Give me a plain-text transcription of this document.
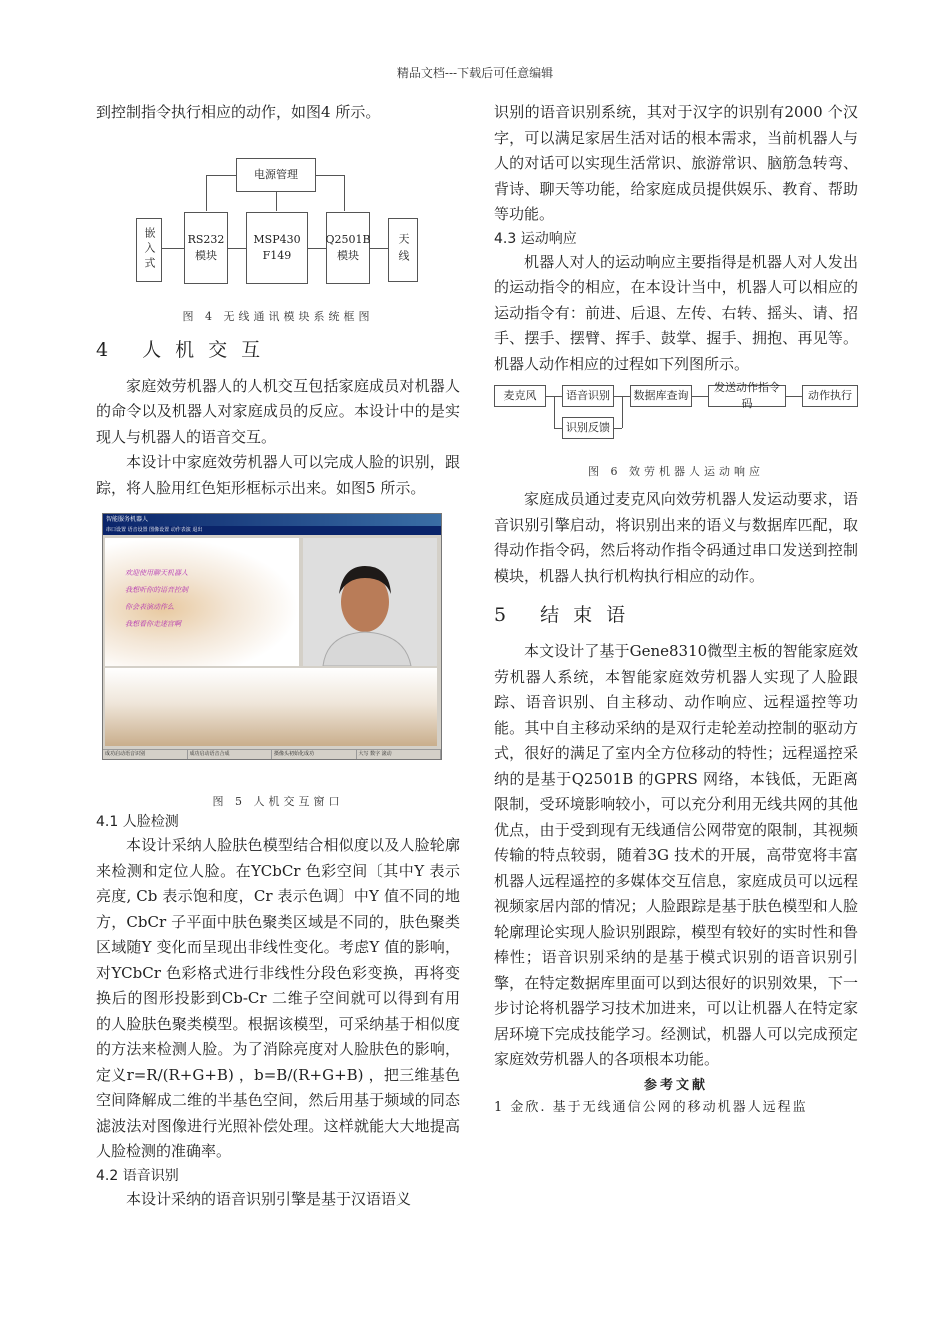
精品文档---下载后可任意编辑

到控制指令执行相应的动作，如图4 所示。

电源管理
嵌入式	RS232
模块
MSP430
F149
Q2501B
模块	天线
图 4 无线通讯模块系统框图
4 人机交互

家庭效劳机器人的人机交互包括家庭成员对机器人的命令以及机器人对家庭成员的反应。本设计中的是实现人与机器人的语音交互。

本设计中家庭效劳机器人可以完成人脸的识别，跟踪，将人脸用红色矩形框标示出来。如图5 所示。

智能服务机器人
串口设置 语音设置 图像设置 动作表演 退出
欢迎使用聊天机器人
我想听你的语音控制
你会表演动作么
我想看你走迷宫啊
成功启动语音识别	成功启动语音合成	摄像头初始化成功	大写 数字 滚动
图 5 人机交互窗口
4.1 人脸检测

本设计采纳人脸肤色模型结合相似度以及人脸轮廓来检测和定位人脸。在YCbCr 色彩空间〔其中Y 表示亮度, Cb 表示饱和度，Cr 表示色调〕中Y 值不同的地方，CbCr 子平面中肤色聚类区域是不同的，肤色聚类区域随Y 变化而呈现出非线性变化。考虑Y 值的影响，对YCbCr 色彩格式进行非线性分段色彩变换，再将变换后的图形投影到Cb-Cr 二维子空间就可以得到有用的人脸肤色聚类模型。根据该模型，可采纳基于相似度的方法来检测人脸。为了消除亮度对人脸肤色的影响，定义r=R/(R+G+B) ，b=B/(R+G+B) ，把三维基色空间降解成二维的半基色空间，然后用基于频域的同态滤波法对图像进行光照补偿处理。这样就能大大地提高人脸检测的准确率。

4.2 语音识别

本设计采纳的语音识别引擎是基于汉语语义

识别的语音识别系统，其对于汉字的识别有2000 个汉字，可以满足家居生活对话的根本需求，当前机器人与人的对话可以实现生活常识、旅游常识、脑筋急转弯、背诗、聊天等功能，给家庭成员提供娱乐、教育、帮助等功能。

4.3 运动响应

机器人对人的运动响应主要指得是机器人对人发出的运动指令的相应，在本设计当中，机器人可以相应的运动指令有：前进、后退、左传、右转、摇头、请、招手、摆手、摆臂、挥手、鼓掌、握手、拥抱、再见等。机器人动作相应的过程如下列图所示。

麦克风	语音识别	数据库查询
发送动作指令码
动作执行
识别反馈
图 6 效劳机器人运动响应

家庭成员通过麦克风向效劳机器人发运动要求，语音识别引擎启动，将识别出来的语义与数据库匹配，取得动作指令码，然后将动作指令码通过串口发送到控制模块，机器人执行机构执行相应的动作。

5 结束语

本文设计了基于Gene8310微型主板的智能家庭效劳机器人系统，本智能家庭效劳机器人实现了人脸跟踪、语音识别、自主移动、动作响应、远程遥控等功能。其中自主移动采纳的是双行走轮差动控制的驱动方式，很好的满足了室内全方位移动的特性；远程遥控采纳的是基于Q2501B 的GPRS 网络，本钱低，无距离限制，受环境影响较小，可以充分利用无线共网的其他优点，由于受到现有无线通信公网带宽的限制，其视频传输的特点较弱，随着3G 技术的开展，高带宽将丰富机器人远程遥控的多媒体交互信息，家庭成员可以远程视频家居内部的情况；人脸跟踪是基于肤色模型和人脸轮廓理论实现人脸识别跟踪，模型有较好的实时性和鲁棒性；语音识别采纳的是基于模式识别的语音识别引擎，在特定数据库里面可以到达很好的识别效果，下一步讨论将机器学习技术加进来，可以让机器人在特定家居环境下完成技能学习。经测试，机器人可以完成预定家庭效劳机器人的各项根本功能。

参考文献
1 金欣. 基于无线通信公网的移动机器人远程监
